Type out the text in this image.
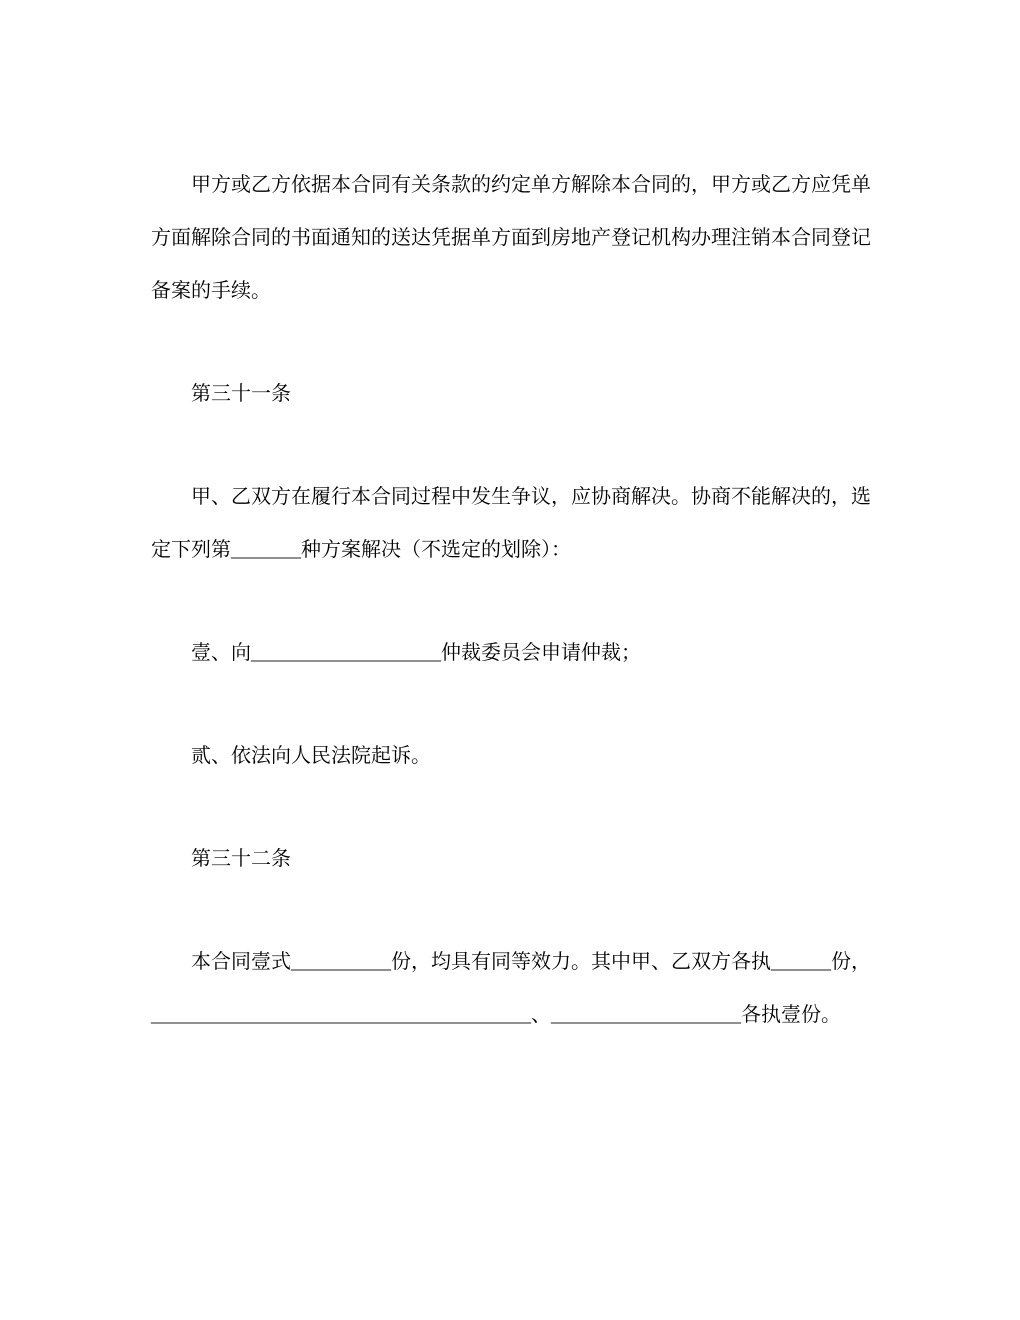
甲方或乙方依据本合同有关条款的约定单方解除本合同的，甲方或乙方应凭单
方面解除合同的书面通知的送达凭据单方面到房地产登记机构办理注销本合同登记
备案的手续。
第三十一条
甲、乙双方在履行本合同过程中发生争议，应协商解决。协商不能解决的，选
定下列第_______种方案解决（不选定的划除）：
壹、向___________________仲裁委员会申请仲裁；
贰、依法向人民法院起诉。
第三十二条
本合同壹式__________份，均具有同等效力。其中甲、乙双方各执______份，
______________________________________、___________________各执壹份。
